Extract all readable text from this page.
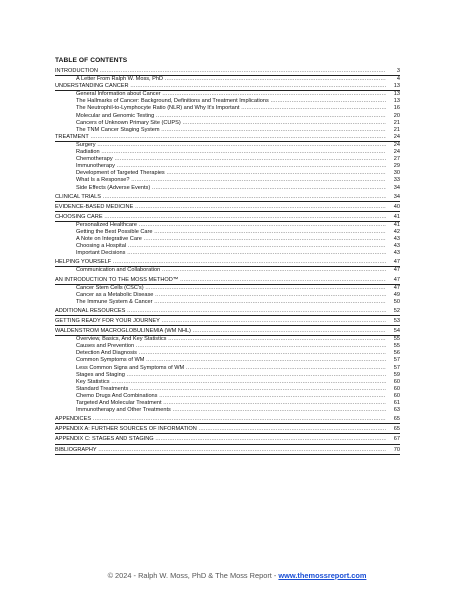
TABLE OF CONTENTS
INTRODUCTION .....	3
A Letter From Ralph W. Moss, PhD .....	4
UNDERSTANDING CANCER .....	13
General Information about Cancer .....	13
The Hallmarks of Cancer: Background, Definitions and Treatment Implications .....	13
The Neutrophil-to-Lymphocyte Ratio (NLR) and Why It's Important .....	16
Molecular and Genomic Testing .....	20
Cancers of Unknown Primary Site (CUPS) .....	21
The TNM Cancer Staging System .....	21
TREATMENT .....	24
Surgery .....	24
Radiation .....	24
Chemotherapy .....	27
Immunotherapy .....	29
Development of Targeted Therapies .....	30
What Is a Response? .....	33
Side Effects (Adverse Events) .....	34
CLINICAL TRIALS .....	34
EVIDENCE-BASED MEDICINE .....	40
CHOOSING CARE .....	41
Personalized Healthcare .....	41
Getting the Best Possible Care .....	42
A Note on Integrative Care .....	43
Choosing a Hospital .....	43
Important Decisions .....	43
HELPING YOURSELF .....	47
Communication and Collaboration .....	47
AN INTRODUCTION TO THE MOSS METHOD™ .....	47
Cancer Stem Cells (CSC's) .....	47
Cancer as a Metabolic Disease .....	49
The Immune System & Cancer .....	50
ADDITIONAL RESOURCES .....	52
GETTING READY FOR YOUR JOURNEY .....	53
WALDENSTROM MACROGLOBULINEMIA (WM NHL) .....	54
Overview, Basics, And Key Statistics .....	55
Causes and Prevention .....	55
Detection And Diagnosis .....	56
Common Symptoms of WM .....	57
Less Common Signs and Symptoms of WM .....	57
Stages and Staging .....	59
Key Statistics .....	60
Standard Treatments .....	60
Chemo Drugs And Combinations .....	60
Targeted And Molecular Treatment .....	61
Immunotherapy and Other Treatments .....	63
APPENDICES .....	65
APPENDIX A: FURTHER SOURCES OF INFORMATION .....	65
APPENDIX C: STAGES AND STAGING .....	67
BIBLIOGRAPHY .....	70
© 2024 - Ralph W. Moss, PhD & The Moss Report - www.themossreport.com
